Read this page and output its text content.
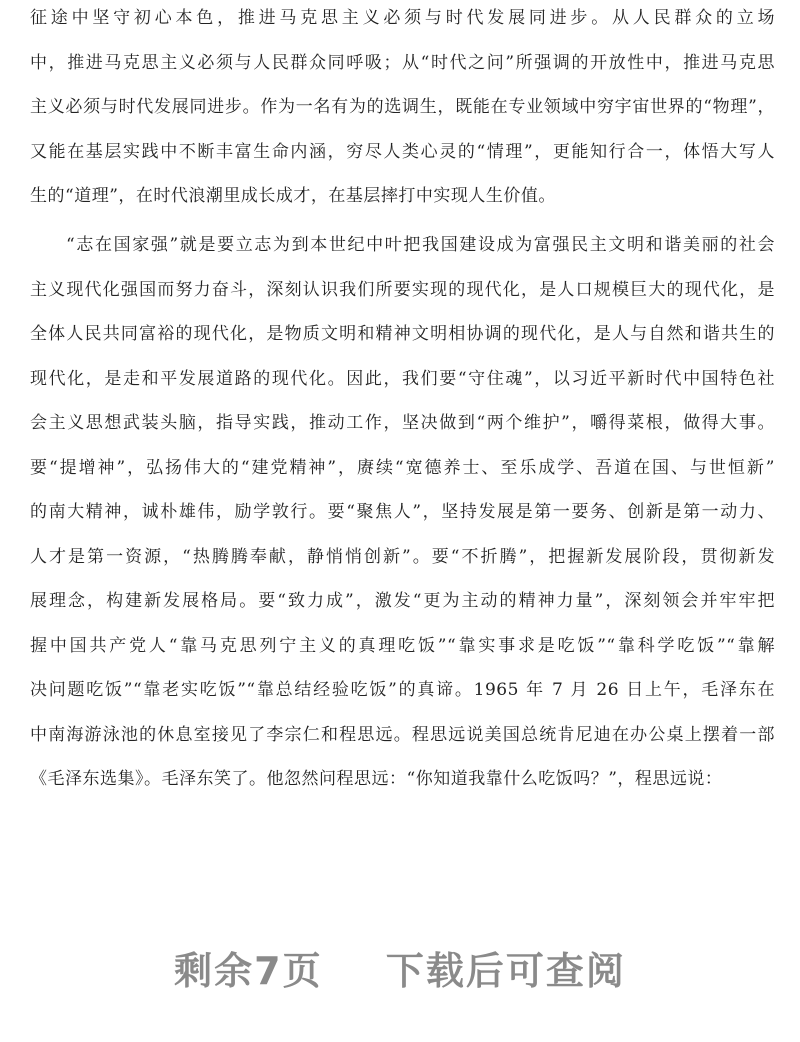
征途中坚守初心本色，推进马克思主义必须与时代发展同进步。从人民群众的立场
中，推进马克思主义必须与人民群众同呼吸；从“时代之问”所强调的开放性中，推进马克思
主义必须与时代发展同进步。作为一名有为的选调生，既能在专业领域中穷宇宙世界的“物理”，
又能在基层实践中不断丰富生命内涵，穷尽人类心灵的“情理”，更能知行合一，体悟大写人
生的“道理”，在时代浪潮里成长成才，在基层摔打中实现人生价值。
“志在国家强”就是要立志为到本世纪中叶把我国建设成为富强民主文明和谐美丽的社会
主义现代化强国而努力奋斗，深刻认识我们所要实现的现代化，是人口规模巨大的现代化，是
全体人民共同富裕的现代化，是物质文明和精神文明相协调的现代化，是人与自然和谐共生的
现代化，是走和平发展道路的现代化。因此，我们要“守住魂”，以习近平新时代中国特色社
会主义思想武装头脑，指导实践，推动工作，坚决做到“两个维护”，嚼得菜根，做得大事。
要“提增神”，弘扬伟大的“建党精神”，赓续“宽德养士、至乐成学、吾道在国、与世恒新”
的南大精神，诚朴雄伟，励学敦行。要“聚焦人”，坚持发展是第一要务、创新是第一动力、
人才是第一资源，“热腾腾奉献，静悄悄创新”。要“不折腾”，把握新发展阶段，贯彻新发
展理念，构建新发展格局。要“致力成”，激发“更为主动的精神力量”，深刻领会并牢牢把
握中国共产党人“靠马克思列宁主义的真理吃饭”“靠实事求是吃饭”“靠科学吃饭”“靠解
决问题吃饭”“靠老实吃饭”“靠总结经验吃饭”的真谛。1965 年 7 月 26 日上午，毛泽东在
中南海游泳池的休息室接见了李宗仁和程思远。程思远说美国总统肯尼迪在办公桌上摆着一部
《毛泽东选集》。毛泽东笑了。他忽然问程思远：“你知道我靠什么吃饭吗？”，程思远说：
剩余7页 下载后可查阅
